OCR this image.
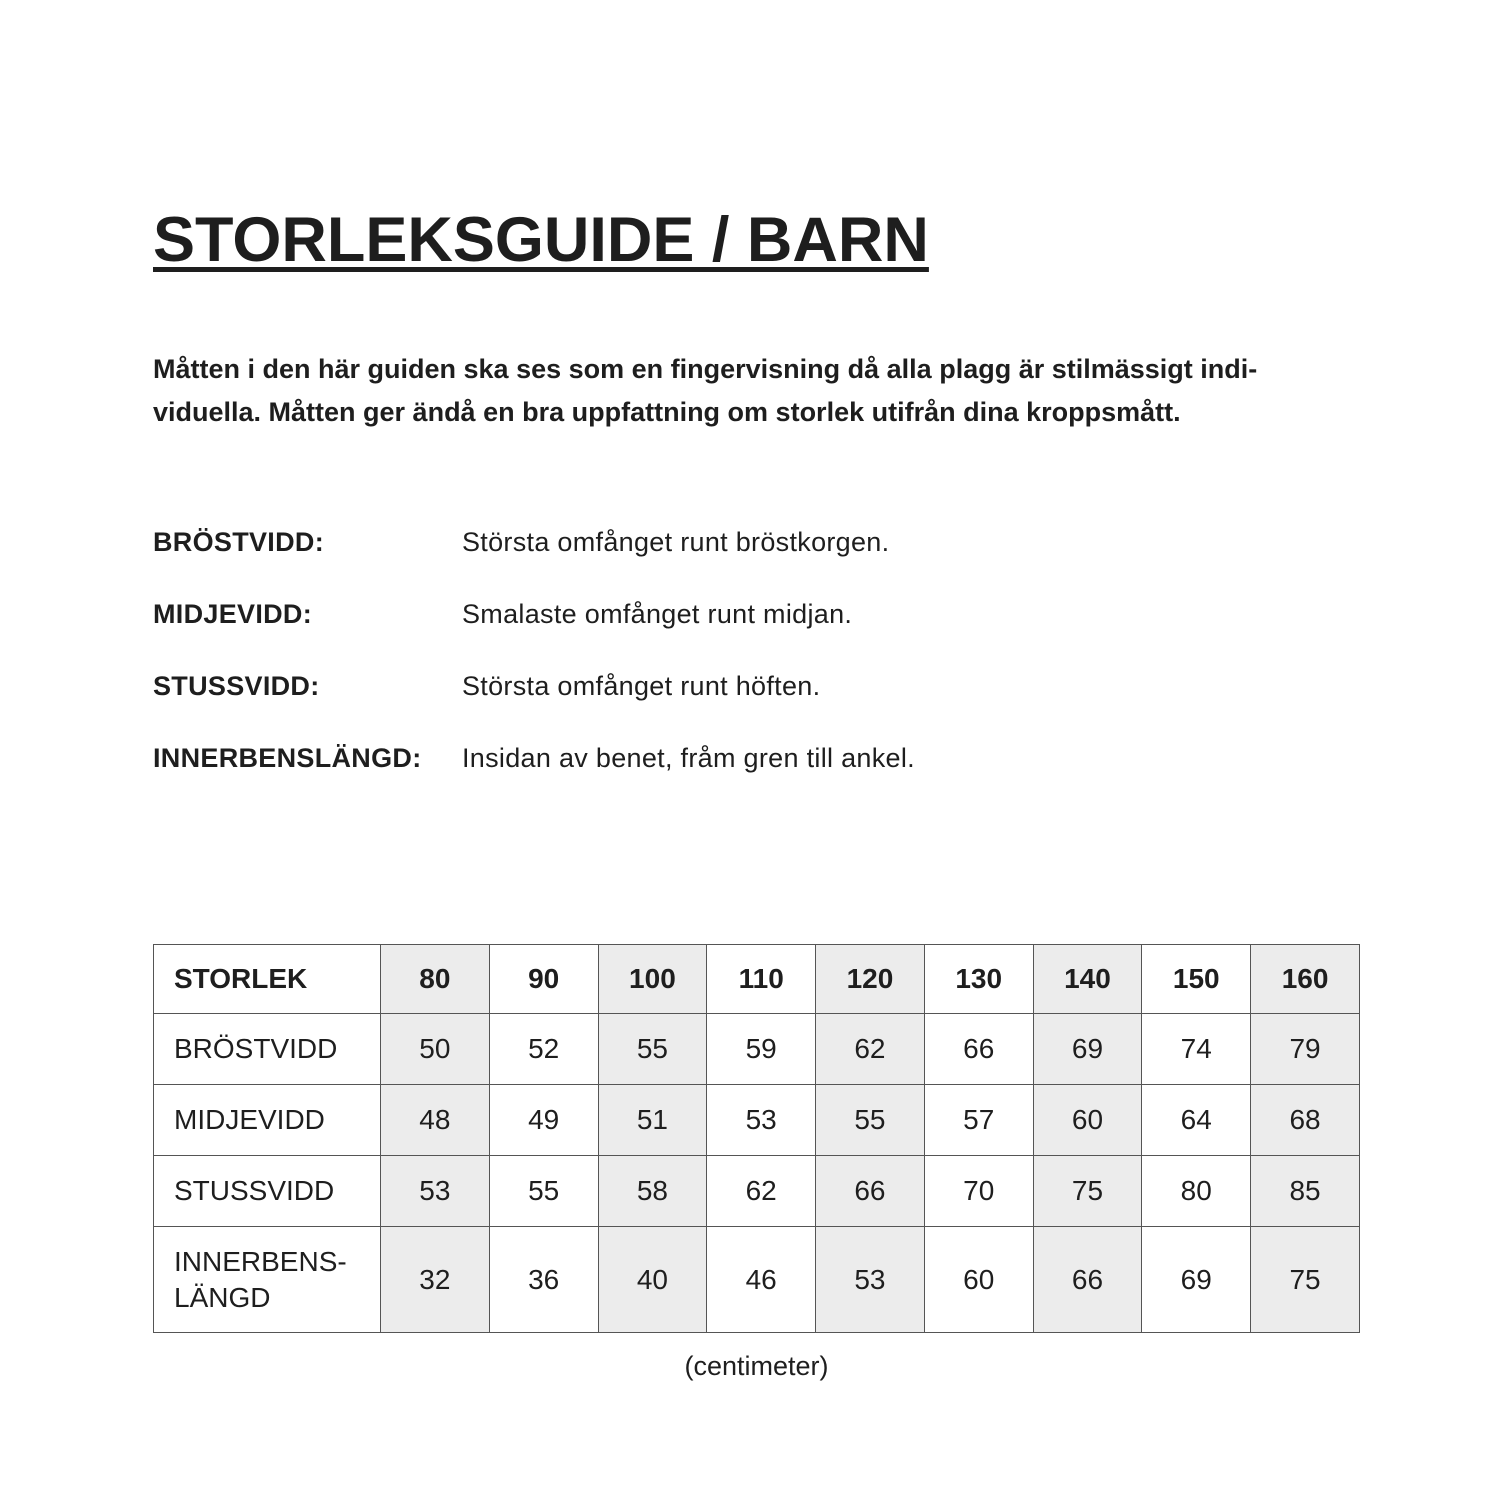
STORLEKSGUIDE / BARN

Måtten i den här guiden ska ses som en fingervisning då alla plagg är stilmässigt indi-
viduella. Måtten ger ändå en bra uppfattning om storlek utifrån dina kroppsmått.

BRÖSTVIDD:	Största omfånget runt bröstkorgen.
MIDJEVIDD:	Smalaste omfånget runt midjan.
STUSSVIDD:	Största omfånget runt höften.
INNERBENSLÄNGD:	Insidan av benet, fråm gren till ankel.
STORLEK	80	90	100	110	120	130	140	150	160
BRÖSTVIDD	50	52	55	59	62	66	69	74	79
MIDJEVIDD	48	49	51	53	55	57	60	64	68
STUSSVIDD	53	55	58	62	66	70	75	80	85

INNERBENS-
LÄNGD	32	36	40	46	53	60	66	69	75
(centimeter)
